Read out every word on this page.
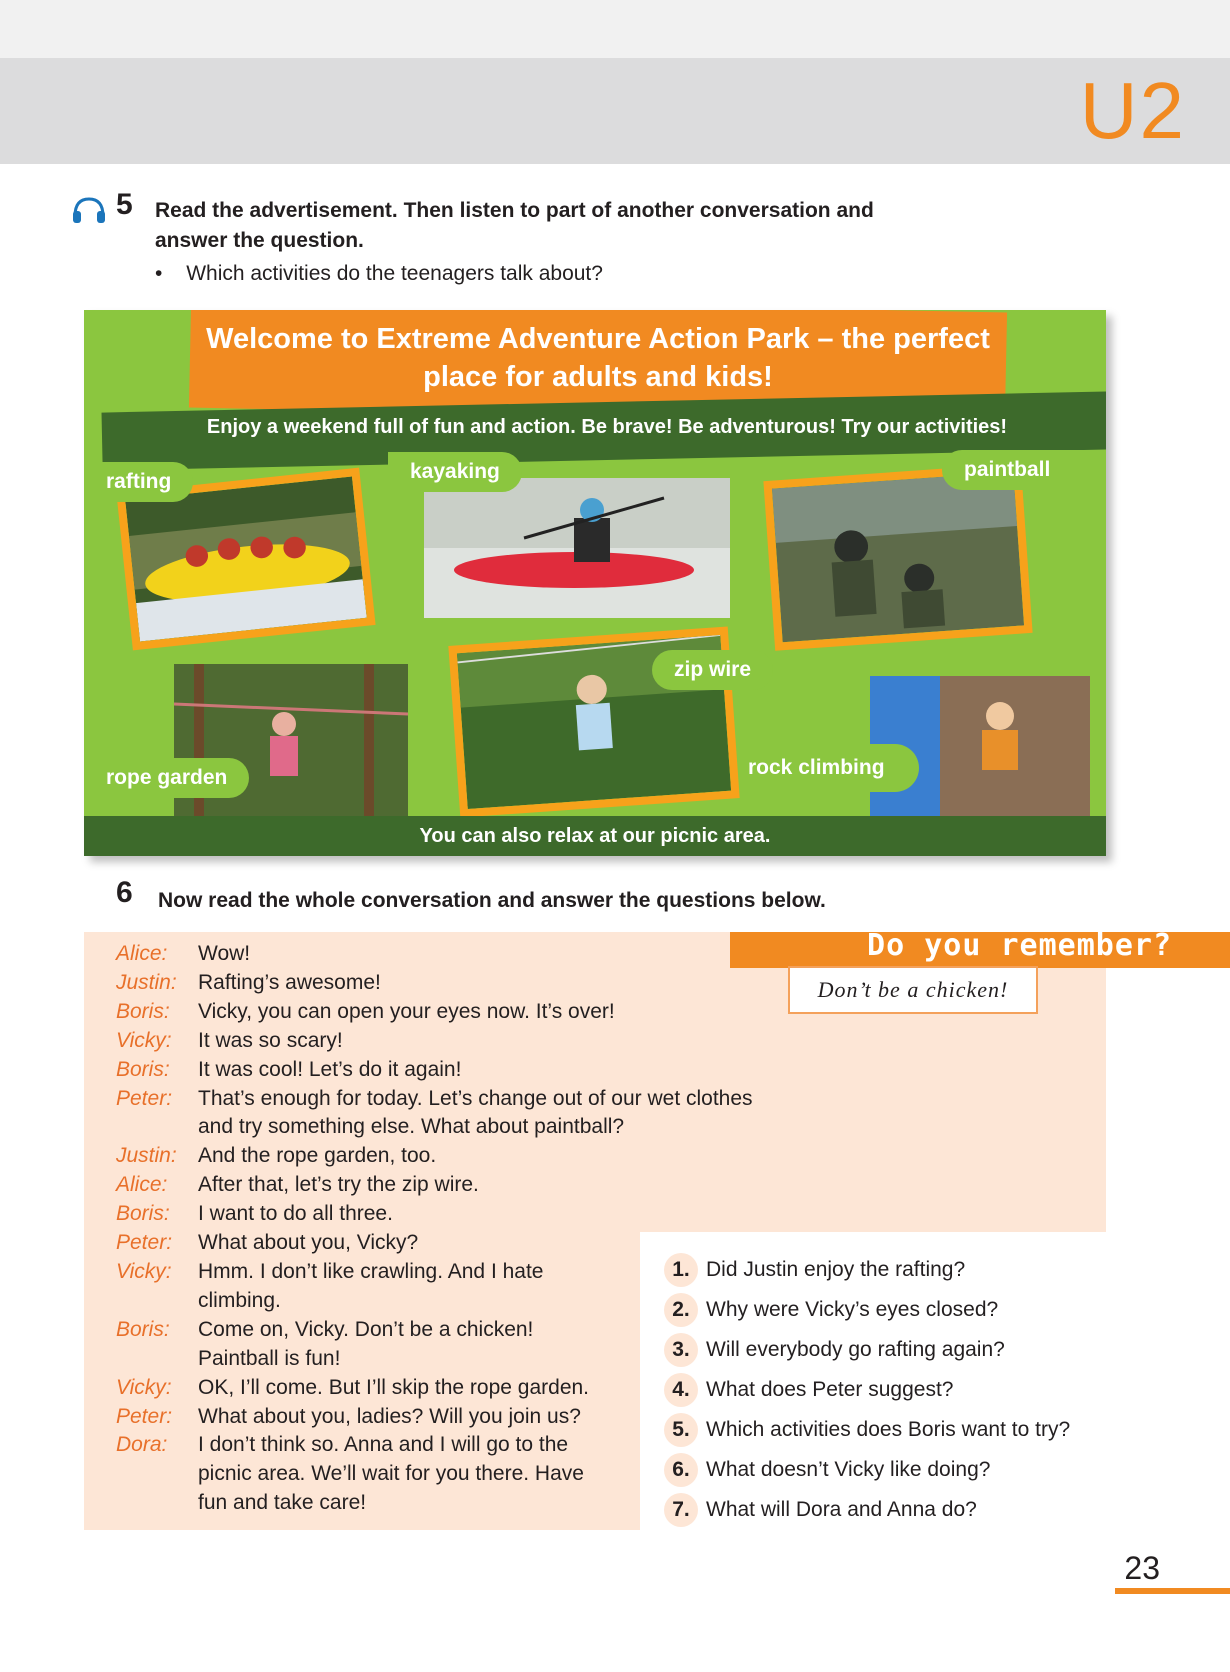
U2
5 Read the advertisement. Then listen to part of another conversation and answer the question.
• Which activities do the teenagers talk about?
Welcome to Extreme Adventure Action Park – the perfect place for adults and kids!
Enjoy a weekend full of fun and action. Be brave! Be adventurous! Try our activities!
rafting	kayaking	paintball
rope garden
zip wire
rock climbing
You can also relax at our picnic area.
6 Now read the whole conversation and answer the questions below.
Alice:	Wow!
Justin:	Rafting’s awesome!
Boris:	Vicky, you can open your eyes now. It’s over!
Vicky:	It was so scary!
Boris:	It was cool! Let’s do it again!
Peter:	That’s enough for today. Let’s change out of our wet clothes and try something else. What about paintball?
Justin:	And the rope garden, too.
Alice:	After that, let’s try the zip wire.
Boris:	I want to do all three.
Peter:	What about you, Vicky?
Vicky:	Hmm. I don’t like crawling. And I hate climbing.
Boris:	Come on, Vicky. Don’t be a chicken! Paintball is fun!
Vicky:	OK, I’ll come. But I’ll skip the rope garden.
Peter:	What about you, ladies? Will you join us?
Dora:	I don’t think so. Anna and I will go to the picnic area. We’ll wait for you there. Have fun and take care!
Do you remember?
Don’t be a chicken!
1. Did Justin enjoy the rafting?
2. Why were Vicky’s eyes closed?
3. Will everybody go rafting again?
4. What does Peter suggest?
5. Which activities does Boris want to try?
6. What doesn’t Vicky like doing?
7. What will Dora and Anna do?
23
